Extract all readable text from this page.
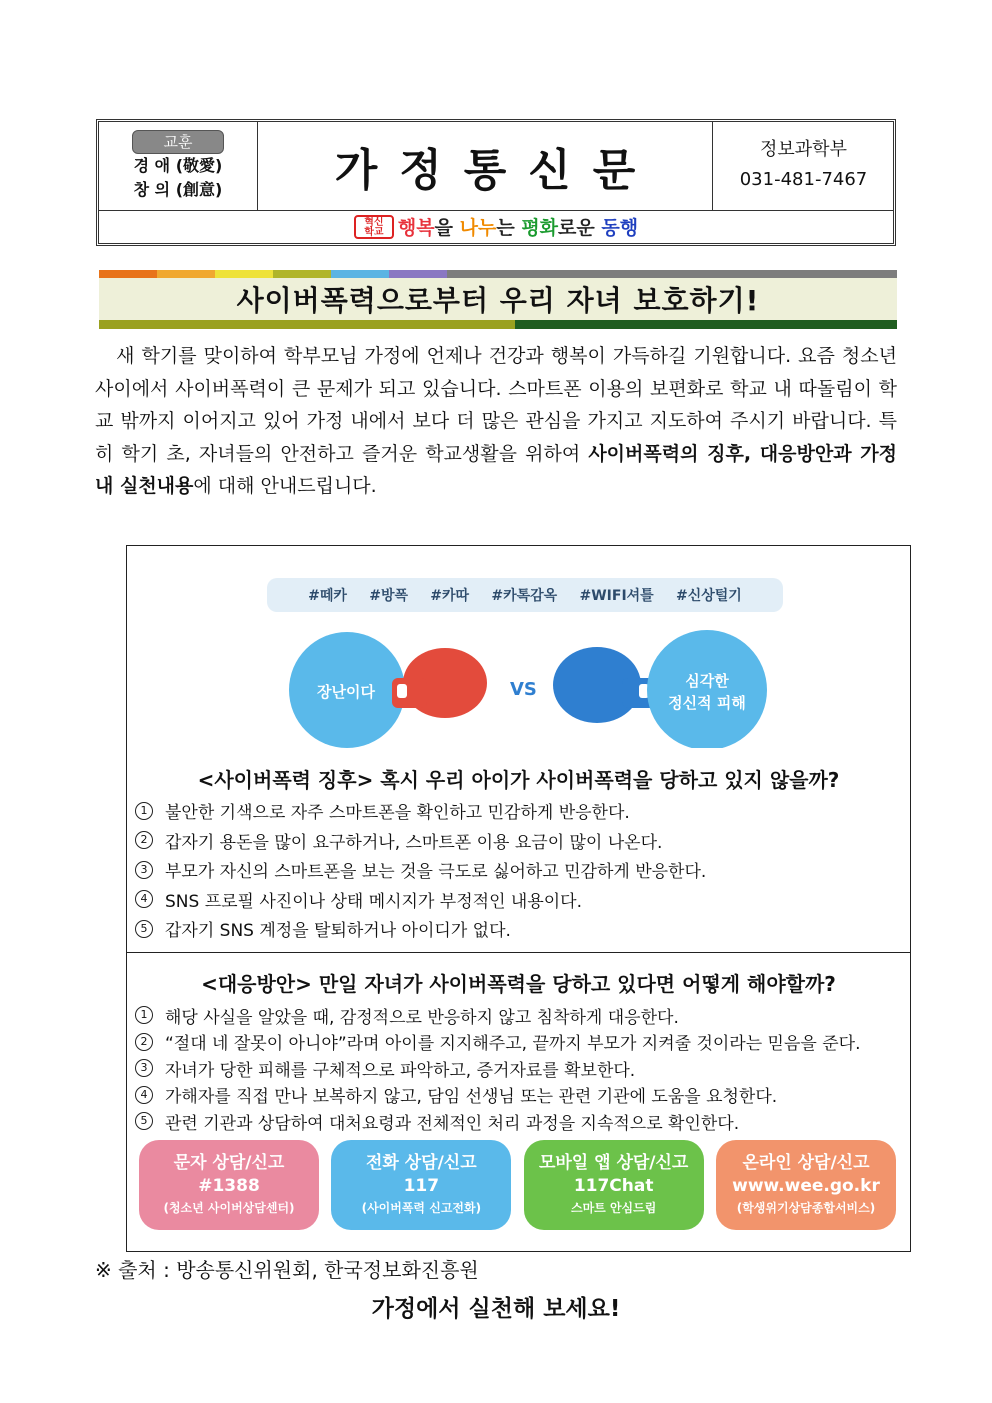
교훈
경 애 (敬愛)
창 의 (創意)	가정통신문	정보과학부
031-481-7467
혁신
학교 행복을 나누는 평화로운 동행
사이버폭력으로부터 우리 자녀 보호하기!

새 학기를 맞이하여 학부모님 가정에 언제나 건강과 행복이 가득하길 기원합니다. 요즘 청소년 사이에서 사이버폭력이 큰 문제가 되고 있습니다. 스마트폰 이용의 보편화로 학교 내 따돌림이 학교 밖까지 이어지고 있어 가정 내에서 보다 더 많은 관심을 가지고 지도하여 주시기 바랍니다. 특히 학기 초, 자녀들의 안전하고 즐거운 학교생활을 위하여 사이버폭력의 징후, 대응방안과 가정 내 실천내용에 대해 안내드립니다.

#떼카 #방폭 #카따 #카톡감옥 #WIFI셔틀 #신상털기
장난이다	VS	심각한
정신적 피해
<사이버폭력 징후> 혹시 우리 아이가 사이버폭력을 당하고 있지 않을까?
1	불안한 기색으로 자주 스마트폰을 확인하고 민감하게 반응한다.
2	갑자기 용돈을 많이 요구하거나, 스마트폰 이용 요금이 많이 나온다.
3	부모가 자신의 스마트폰을 보는 것을 극도로 싫어하고 민감하게 반응한다.
4	SNS 프로필 사진이나 상태 메시지가 부정적인 내용이다.
5	갑자기 SNS 계정을 탈퇴하거나 아이디가 없다.
<대응방안> 만일 자녀가 사이버폭력을 당하고 있다면 어떻게 해야할까?
1	해당 사실을 알았을 때, 감정적으로 반응하지 않고 침착하게 대응한다.
2	“절대 네 잘못이 아니야”라며 아이를 지지해주고, 끝까지 부모가 지켜줄 것이라는 믿음을 준다.
3	자녀가 당한 피해를 구체적으로 파악하고, 증거자료를 확보한다.
4	가해자를 직접 만나 보복하지 않고, 담임 선생님 또는 관련 기관에 도움을 요청한다.
5	관련 기관과 상담하여 대처요령과 전체적인 처리 과정을 지속적으로 확인한다.
문자 상담/신고
#1388
(청소년 사이버상담센터)
전화 상담/신고
117
(사이버폭력 신고전화)
모바일 앱 상담/신고
117Chat
스마트 안심드림
온라인 상담/신고
www.wee.go.kr
(학생위기상담종합서비스)
※ 출처 : 방송통신위원회, 한국정보화진흥원
가정에서 실천해 보세요!
